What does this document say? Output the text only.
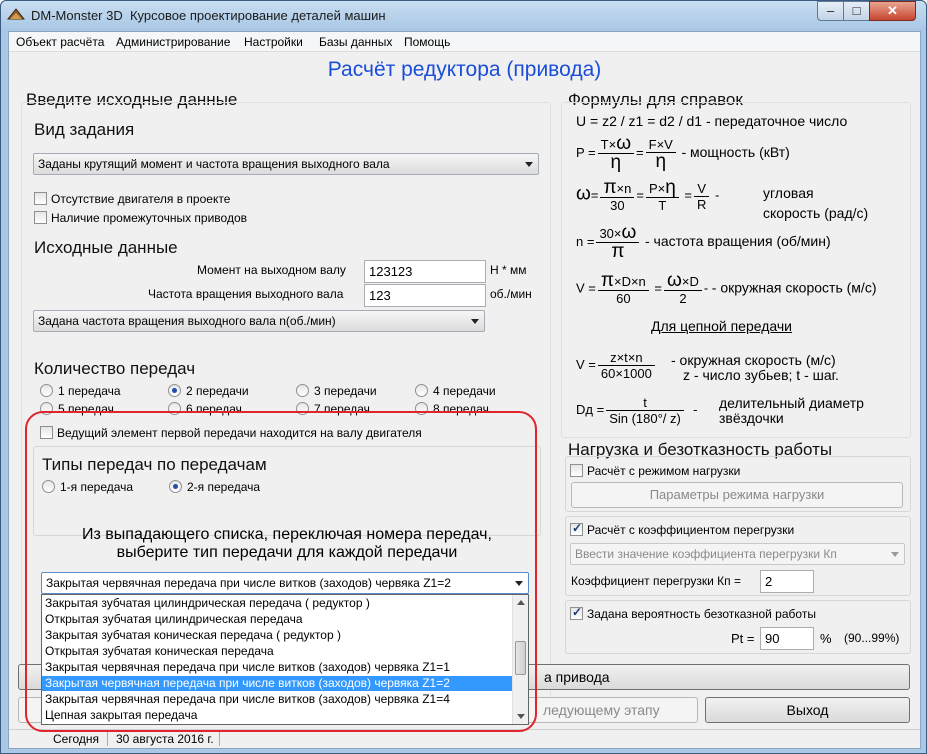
DM-Monster 3D Курсовое проектирование деталей машин	–	□	✕
Объект расчёта Администрирование Настройки Базы данных Помощь
Расчёт редуктора (привода)
Введите исходные данные
Вид задания
Заданы крутящий момент и частота вращения выходного вала
Отсутствие двигателя в проекте
Наличие промежуточных приводов
Исходные данные
Момент на выходном валу	123123	Н * мм
Частота вращения выходного вала	123	об./мин
Задана частота вращения выходного вала n(об./мин)
Количество передач
1 передача	2 передачи	3 передачи	4 передачи
5 передач	6 передач	7 передач	8 передач
Ведущий элемент первой передачи находится на валу двигателя
Типы передач по передачам
1-я передача	2-я передача
Из выпадающего списка, переключая номера передач,
выберите тип передачи для каждой передачи
Закрытая червячная передача при числе витков (заходов) червяка Z1=2
Формулы для справок
U = z2 / z1 = d2 / d1 - передаточное число
$P = \frac{T\times\omega}{\eta} = \frac{F\times V}{\eta}$ - мощность (кВт)
$\omega= \frac{\pi\times n}{30} = \frac{P\times\eta}{T} = \frac{V}{R}$ -	угловая
скорость (рад/с)
$n = \frac{30\times\omega}{\pi}$ - частота вращения (об/мин)
$V = \frac{\pi\times D\times n}{60} = \frac{\omega\times D}{2}$ - - окружная скорость (м/с)
Для цепной передачи
$V = \frac{z\times t\times n}{60\times 1000}$ - окружная скорость (м/с)
z - число зубьев; t - шаг.
Dд = $\frac{t}{\text{Sin (180°/ z)}}$ - делительный диаметр
звёздочки
Нагрузка и безотказность работы
Расчёт с режимом нагрузки
Параметры режима нагрузки
✓Расчёт с коэффициентом перегрузки
Ввести значение коэффициента перегрузки Кп
Коэффициент перегрузки Кп =	2
✓Задана вероятность безотказной работы
Pt = 90	% (90...99%)
а привода
ледующему этапу	Выход
Закрытая зубчатая цилиндрическая передача ( редуктор )
Открытая зубчатая цилиндрическая передача
Закрытая зубчатая коническая передача ( редуктор )
Открытая зубчатая коническая передача
Закрытая червячная передача при числе витков (заходов) червяка Z1=1
Закрытая червячная передача при числе витков (заходов) червяка Z1=2
Закрытая червячная передача при числе витков (заходов) червяка Z1=4
Цепная закрытая передача
Сегодня 30 августа 2016 г.
